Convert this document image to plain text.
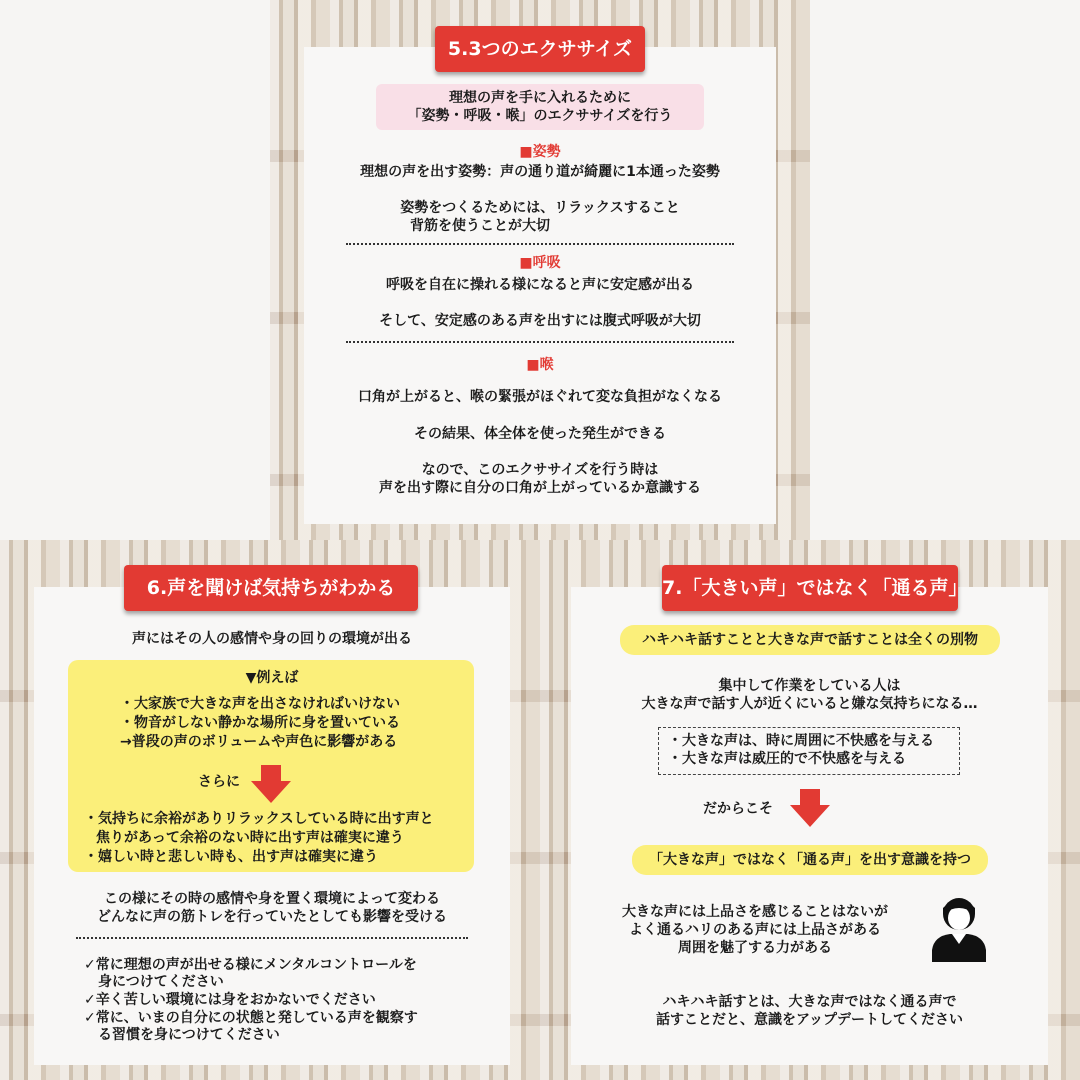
5.3つのエクササイズ
理想の声を手に入れるために
「姿勢・呼吸・喉」のエクササイズを行う
■姿勢
理想の声を出す姿勢：声の通り道が綺麗に1本通った姿勢
姿勢をつくるためには、リラックスすること
背筋を使うことが大切
■呼吸
呼吸を自在に操れる様になると声に安定感が出る
そして、安定感のある声を出すには腹式呼吸が大切
■喉
口角が上がると、喉の緊張がほぐれて変な負担がなくなる
その結果、体全体を使った発生ができる
なので、このエクササイズを行う時は
声を出す際に自分の口角が上がっているか意識する
6.声を聞けば気持ちがわかる
声にはその人の感情や身の回りの環境が出る
▼例えば
・大家族で大きな声を出さなければいけない
・物音がしない静かな場所に身を置いている
→普段の声のボリュームや声色に影響がある
さらに
・気持ちに余裕がありリラックスしている時に出す声と
焦りがあって余裕のない時に出す声は確実に違う
・嬉しい時と悲しい時も、出す声は確実に違う
この様にその時の感情や身を置く環境によって変わる
どんなに声の筋トレを行っていたとしても影響を受ける
✓常に理想の声が出せる様にメンタルコントロールを
身につけてください
✓辛く苦しい環境には身をおかないでください
✓常に、いまの自分にの状態と発している声を観察す
る習慣を身につけてください
7.「大きい声」ではなく「通る声」
ハキハキ話すことと大きな声で話すことは全くの別物
集中して作業をしている人は
大きな声で話す人が近くにいると嫌な気持ちになる…
・大きな声は、時に周囲に不快感を与える
・大きな声は威圧的で不快感を与える
だからこそ
「大きな声」ではなく「通る声」を出す意識を持つ
大きな声には上品さを感じることはないが
よく通るハリのある声には上品さがある
周囲を魅了する力がある
ハキハキ話すとは、大きな声ではなく通る声で
話すことだと、意識をアップデートしてください
